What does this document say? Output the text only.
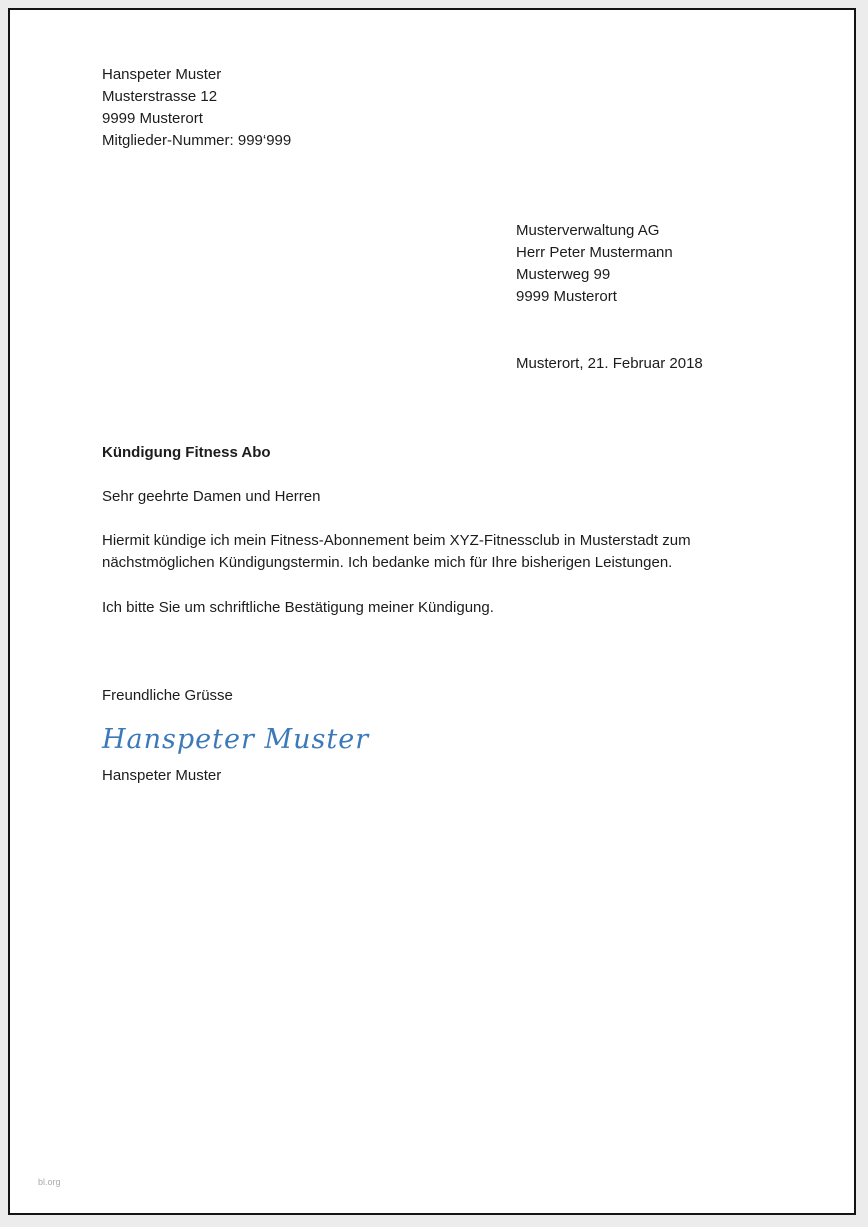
Hanspeter Muster
Musterstrasse 12
9999 Musterort
Mitglieder-Nummer: 999‘999
Musterverwaltung AG
Herr Peter Mustermann
Musterweg 99
9999 Musterort
Musterort, 21. Februar 2018
Kündigung Fitness Abo
Sehr geehrte Damen und Herren
Hiermit kündige ich mein Fitness-Abonnement beim XYZ-Fitnessclub in Musterstadt zum nächstmöglichen Kündigungstermin. Ich bedanke mich für Ihre bisherigen Leistungen.
Ich bitte Sie um schriftliche Bestätigung meiner Kündigung.
Freundliche Grüsse
Hanspeter Muster
Hanspeter Muster
bl.org
